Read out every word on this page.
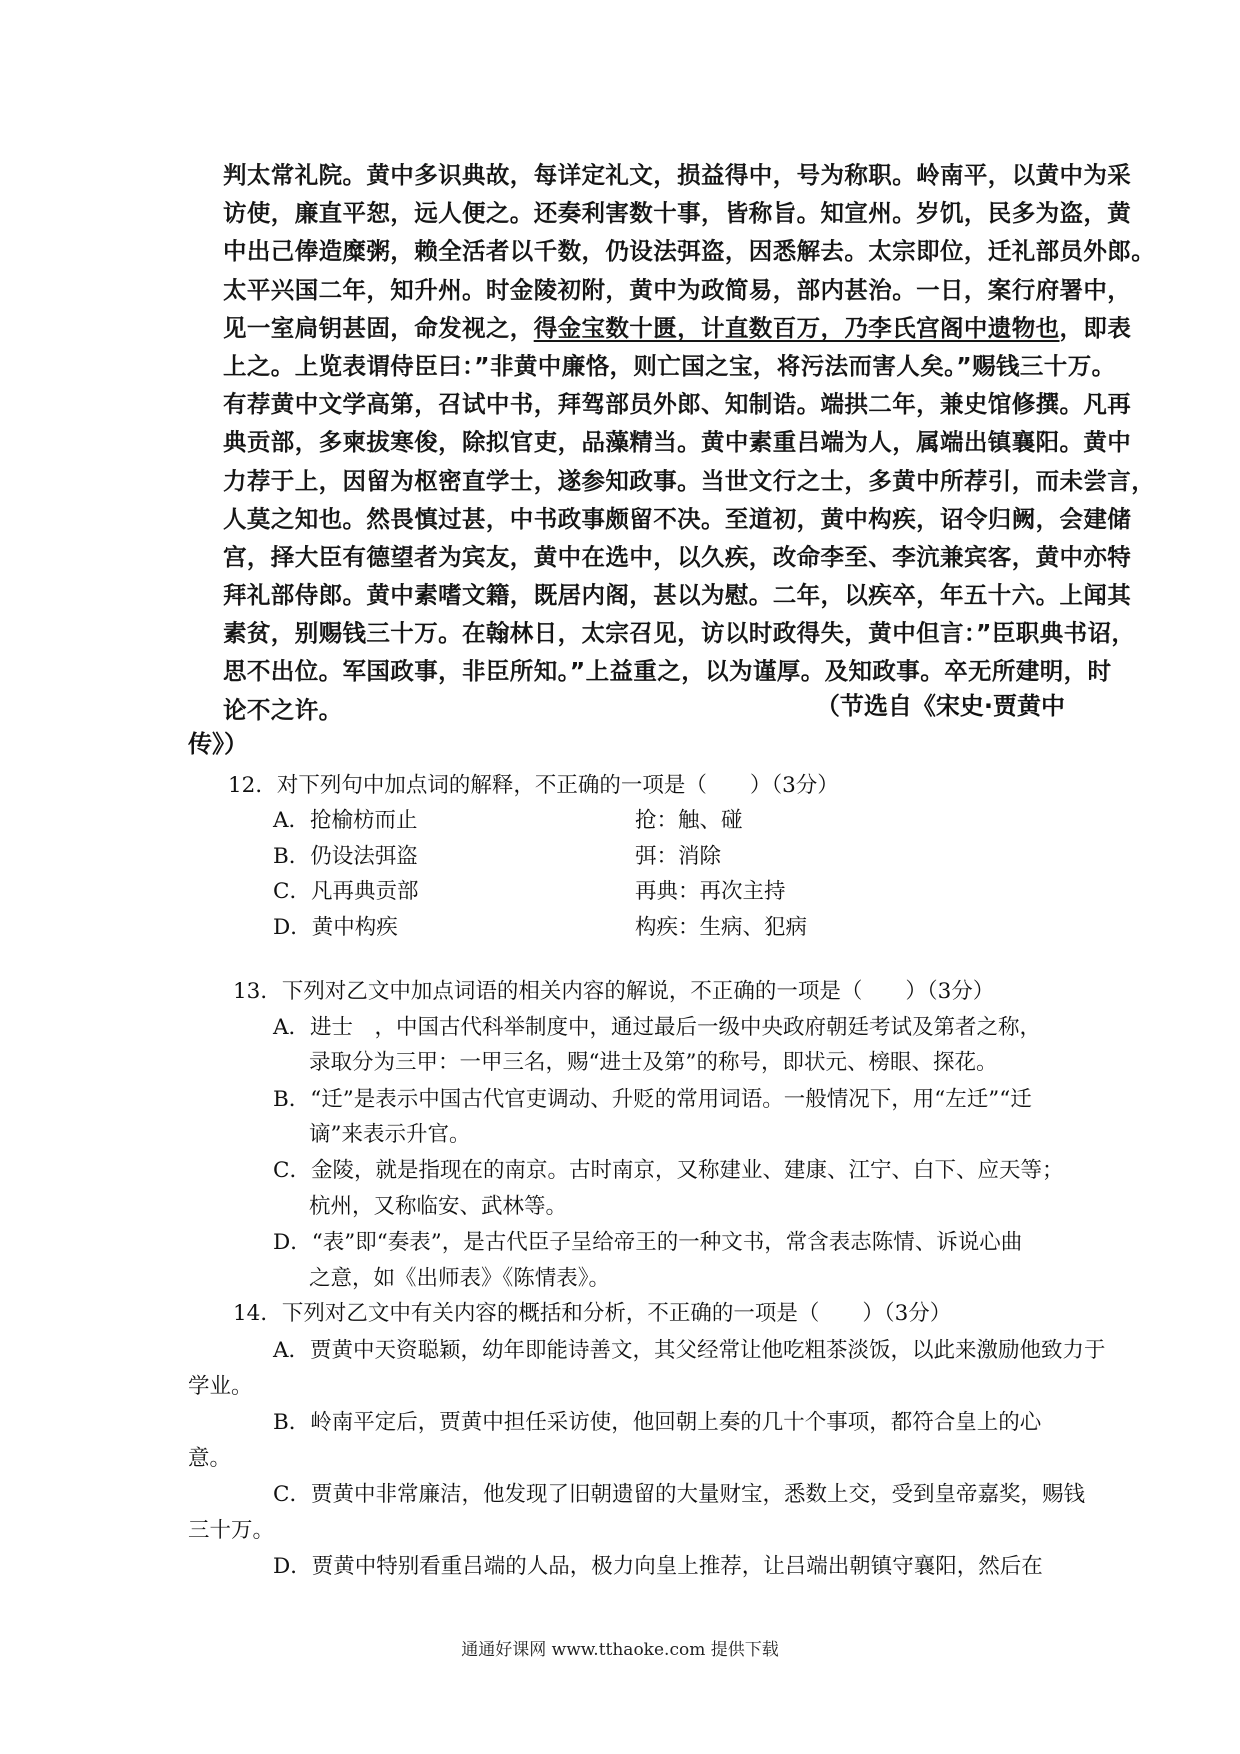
判太常礼院。黄中多识典故，每详定礼文，损益得中，号为称职。岭南平，以黄中为采
访使，廉直平恕，远人便之。还奏利害数十事，皆称旨。知宣州。岁饥，民多为盗，黄
中出己俸造糜粥，赖全活者以千数，仍设法弭盗，因悉解去。太宗即位，迁礼部员外郎。
太平兴国二年，知升州。时金陵初附，黄中为政简易，部内甚治。一日，案行府署中，
见一室扃钥甚固，命发视之，得金宝数十匮，计直数百万，乃李氏宫阁中遗物也，即表
上之。上览表谓侍臣曰：”非黄中廉恪，则亡国之宝，将污法而害人矣。”赐钱三十万。
有荐黄中文学高第，召试中书，拜驾部员外郎、知制诰。端拱二年，兼史馆修撰。凡再
典贡部，多柬拔寒俊，除拟官吏，品藻精当。黄中素重吕端为人，属端出镇襄阳。黄中
力荐于上，因留为枢密直学士，遂参知政事。当世文行之士，多黄中所荐引，而未尝言，
人莫之知也。然畏慎过甚，中书政事颇留不决。至道初，黄中构疾，诏令归阙，会建储
宫，择大臣有德望者为宾友，黄中在选中，以久疾，改命李至、李沆兼宾客，黄中亦特
拜礼部侍郎。黄中素嗜文籍，既居内阁，甚以为慰。二年，以疾卒，年五十六。上闻其
素贫，别赐钱三十万。在翰林日，太宗召见，访以时政得失，黄中但言：”臣职典书诏，
思不出位。军国政事，非臣所知。”上益重之，以为谨厚。及知政事。卒无所建明，时
论不之许。	（节选自《宋史·贾黄中
传》）
12．对下列句中加点词的解释，不正确的一项是（　　）（3分）
A．抢榆枋而止	抢：触、碰
B．仍设法弭盗	弭：消除
C．凡再典贡部	再典：再次主持
D．黄中构疾	构疾：生病、犯病
13．下列对乙文中加点词语的相关内容的解说，不正确的一项是（　　）（3分）
A．进士　，中国古代科举制度中，通过最后一级中央政府朝廷考试及第者之称，
录取分为三甲：一甲三名，赐“进士及第”的称号，即状元、榜眼、探花。
B．“迁”是表示中国古代官吏调动、升贬的常用词语。一般情况下，用“左迁”“迁
谪”来表示升官。
C．金陵，就是指现在的南京。古时南京，又称建业、建康、江宁、白下、应天等；
杭州，又称临安、武林等。
D．“表”即“奏表”，是古代臣子呈给帝王的一种文书，常含表志陈情、诉说心曲
之意，如《出师表》《陈情表》。
14．下列对乙文中有关内容的概括和分析，不正确的一项是（　　）（3分）
A．贾黄中天资聪颖，幼年即能诗善文，其父经常让他吃粗茶淡饭，以此来激励他致力于
学业。
B．岭南平定后，贾黄中担任采访使，他回朝上奏的几十个事项，都符合皇上的心
意。
C．贾黄中非常廉洁，他发现了旧朝遗留的大量财宝，悉数上交，受到皇帝嘉奖，赐钱
三十万。
D．贾黄中特别看重吕端的人品，极力向皇上推荐，让吕端出朝镇守襄阳，然后在
通通好课网 www.tthaoke.com 提供下载
